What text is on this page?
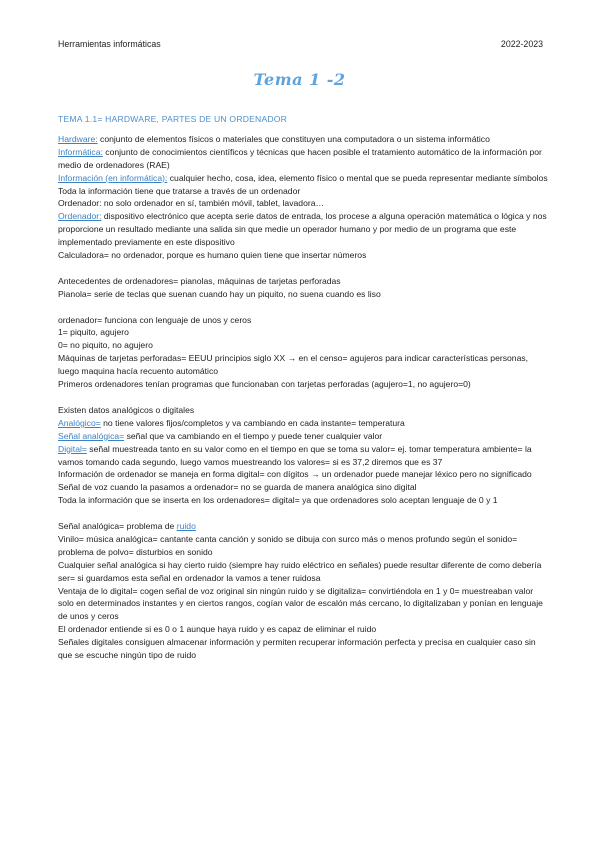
Herramientas informáticas	2022-2023
Tema 1 -2
TEMA 1.1= HARDWARE, PARTES DE UN ORDENADOR

Hardware: conjunto de elementos físicos o materiales que constituyen una computadora o un sistema informático

Informática: conjunto de conocimientos científicos y técnicas que hacen posible el tratamiento automático de la información por medio de ordenadores (RAE)

Información (en informática): cualquier hecho, cosa, idea, elemento físico o mental que se pueda representar mediante símbolos

Toda la información tiene que tratarse a través de un ordenador

Ordenador: no solo ordenador en sí, también móvil, tablet, lavadora…

Ordenador: dispositivo electrónico que acepta serie datos de entrada, los procese a alguna operación matemática o lógica y nos proporcione un resultado mediante una salida sin que medie un operador humano y por medio de un programa que este implementado previamente en este dispositivo

Calculadora= no ordenador, porque es humano quien tiene que insertar números

Antecedentes de ordenadores= pianolas, máquinas de tarjetas perforadas

Pianola= serie de teclas que suenan cuando hay un piquito, no suena cuando es liso

ordenador= funciona con lenguaje de unos y ceros

1= piquito, agujero

0= no piquito, no agujero

Máquinas de tarjetas perforadas= EEUU principios siglo XX → en el censo= agujeros para indicar características personas, luego maquina hacía recuento automático

Primeros ordenadores tenían programas que funcionaban con tarjetas perforadas (agujero=1, no agujero=0)

Existen datos analógicos o digitales

Analógico= no tiene valores fijos/completos y va cambiando en cada instante= temperatura

Señal analógica= señal que va cambiando en el tiempo y puede tener cualquier valor

Digital= señal muestreada tanto en su valor como en el tiempo en que se toma su valor= ej. tomar temperatura ambiente= la vamos tomando cada segundo, luego vamos muestreando los valores= si es 37,2 diremos que es 37

Información de ordenador se maneja en forma digital= con dígitos → un ordenador puede manejar léxico pero no significado

Señal de voz cuando la pasamos a ordenador= no se guarda de manera analógica sino digital

Toda la información que se inserta en los ordenadores= digital= ya que ordenadores solo aceptan lenguaje de 0 y 1

Señal analógica= problema de ruido

Vinilo= música analógica= cantante canta canción y sonido se dibuja con surco más o menos profundo según el sonido= problema de polvo= disturbios en sonido

Cualquier señal analógica si hay cierto ruido (siempre hay ruido eléctrico en señales) puede resultar diferente de como debería ser= si guardamos esta señal en ordenador la vamos a tener ruidosa

Ventaja de lo digital= cogen señal de voz original sin ningún ruido y se digitaliza= convirtiéndola en 1 y 0= muestreaban valor solo en determinados instantes y en ciertos rangos, cogían valor de escalón más cercano, lo digitalizaban y ponían en lenguaje de unos y ceros

El ordenador entiende si es 0 o 1 aunque haya ruido y es capaz de eliminar el ruido

Señales digitales consiguen almacenar información y permiten recuperar información perfecta y precisa en cualquier caso sin que se escuche ningún tipo de ruido
